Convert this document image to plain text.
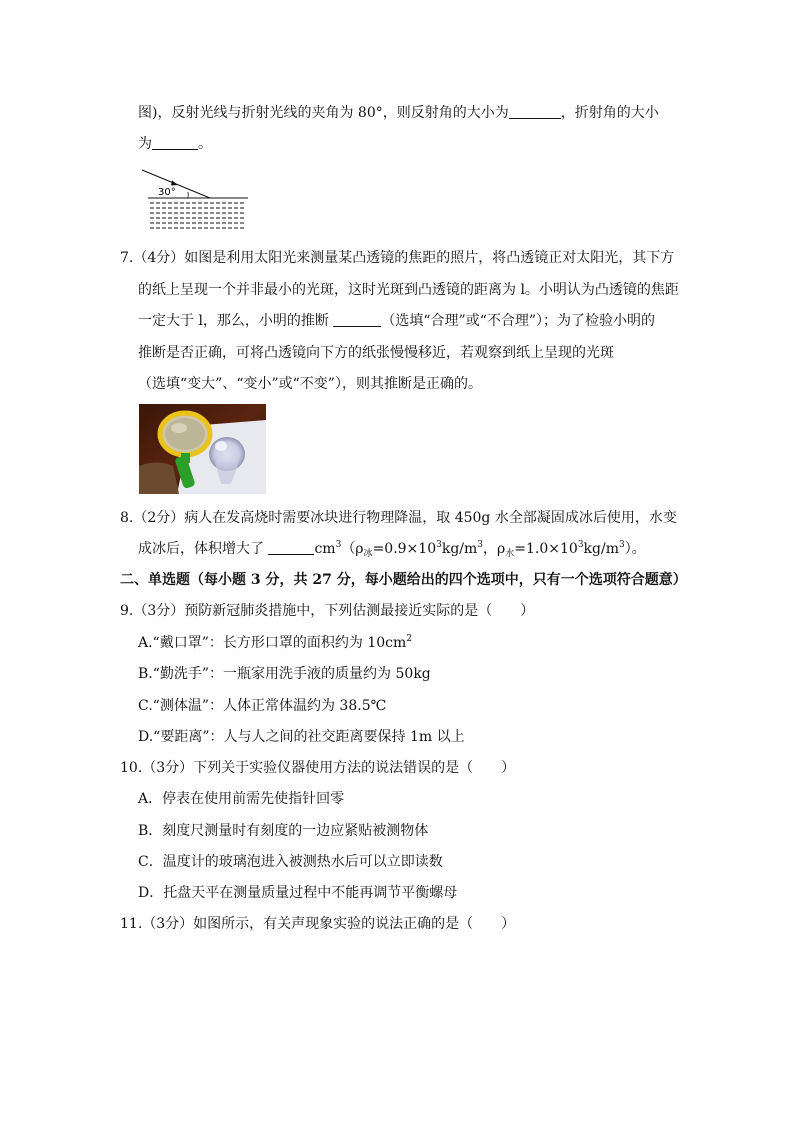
图)，反射光线与折射光线的夹角为 80°，则反射角的大小为	，折射角的大小
为	。
30°
7.（4分）如图是利用太阳光来测量某凸透镜的焦距的照片，将凸透镜正对太阳光，其下方
的纸上呈现一个并非最小的光斑，这时光斑到凸透镜的距离为 l。小明认为凸透镜的焦距
一定大于 l，那么，小明的推断	（选填“合理”或“不合理”）；为了检验小明的
推断是否正确，可将凸透镜向下方的纸张慢慢移近，若观察到纸上呈现的光斑
（选填“变大”、“变小”或“不变”），则其推断是正确的。
8.（2分）病人在发高烧时需要冰块进行物理降温，取 450g 水全部凝固成冰后使用，水变
成冰后，体积增大了	$cm^3(\rho_冰=0.9\times 10^3kg/m^3$，$\rho_水=1.0\times 10^3kg/m^3$）。
二、单选题（每小题 3 分，共 27 分，每小题给出的四个选项中，只有一个选项符合题意）
9.（3分）预防新冠肺炎措施中，下列估测最接近实际的是（　　）
A.“戴口罩”：长方形口罩的面积约为 $10cm^2$
B.“勤洗手”：一瓶家用洗手液的质量约为 50kg
C.“测体温”：人体正常体温约为 38.5℃
D.“要距离”：人与人之间的社交距离要保持 1m 以上
10.（3分）下列关于实验仪器使用方法的说法错误的是（　　）
A．停表在使用前需先使指针回零
B．刻度尺测量时有刻度的一边应紧贴被测物体
C．温度计的玻璃泡进入被测热水后可以立即读数
D．托盘天平在测量质量过程中不能再调节平衡螺母
11.（3分）如图所示，有关声现象实验的说法正确的是（　　）
